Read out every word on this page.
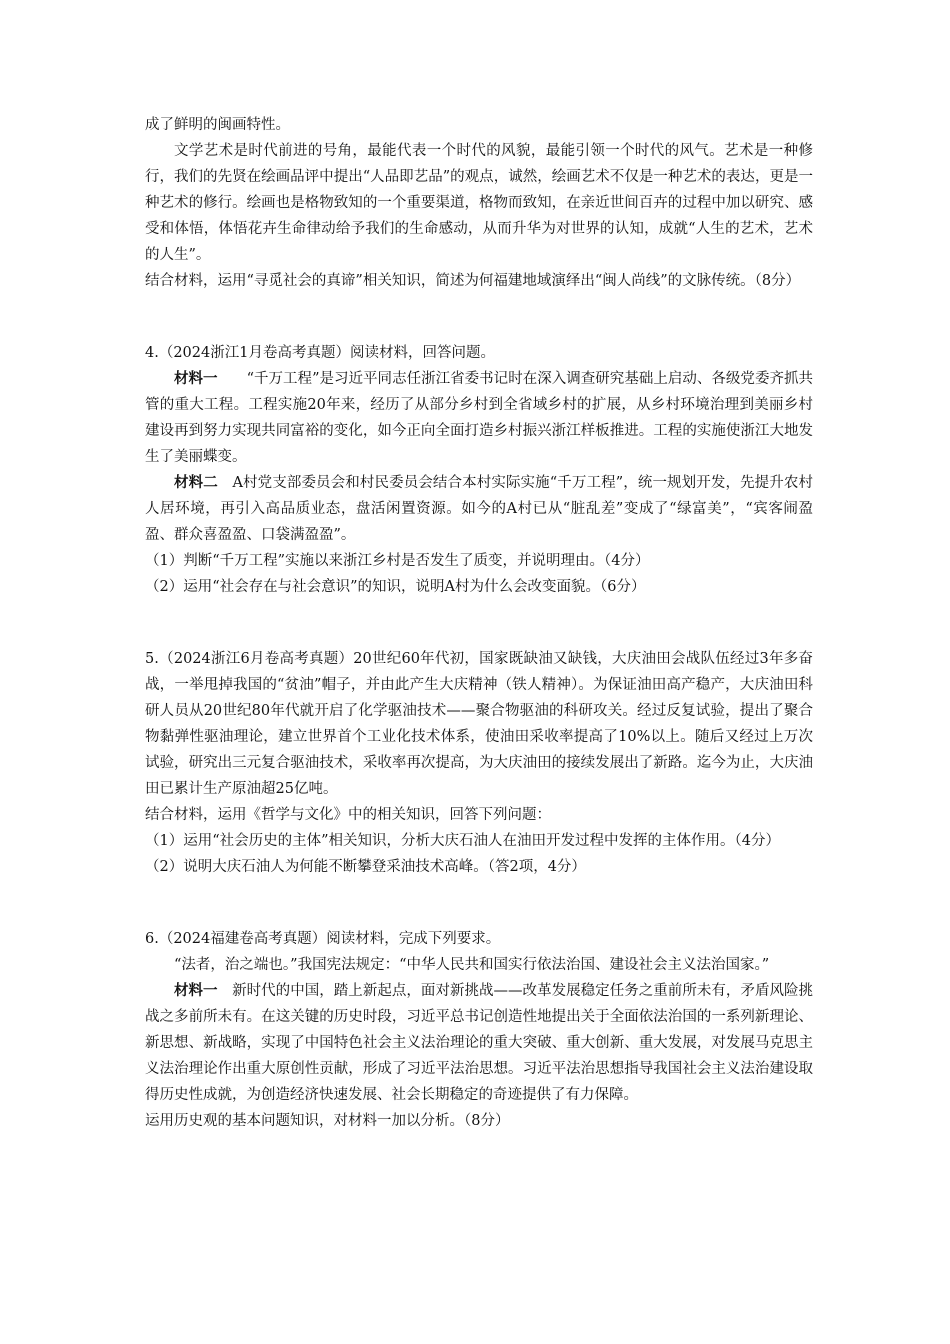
成了鲜明的闽画特性。

文学艺术是时代前进的号角，最能代表一个时代的风貌，最能引领一个时代的风气。艺术是一种修行，我们的先贤在绘画品评中提出“人品即艺品”的观点，诚然，绘画艺术不仅是一种艺术的表达，更是一种艺术的修行。绘画也是格物致知的一个重要渠道，格物而致知，在亲近世间百卉的过程中加以研究、感受和体悟，体悟花卉生命律动给予我们的生命感动，从而升华为对世界的认知，成就“人生的艺术，艺术的人生”。

结合材料，运用“寻觅社会的真谛”相关知识，简述为何福建地域演绎出“闽人尚线”的文脉传统。（8分）

4.（2024浙江1月卷高考真题）阅读材料，回答问题。

材料一　　 “千万工程”是习近平同志任浙江省委书记时在深入调查研究基础上启动、各级党委齐抓共管的重大工程。工程实施20年来，经历了从部分乡村到全省域乡村的扩展，从乡村环境治理到美丽乡村建设再到努力实现共同富裕的变化，如今正向全面打造乡村振兴浙江样板推进。工程的实施使浙江大地发生了美丽蝶变。

材料二　 A村党支部委员会和村民委员会结合本村实际实施“千万工程”，统一规划开发，先提升农村人居环境，再引入高品质业态，盘活闲置资源。如今的A村已从“脏乱差”变成了“绿富美”，“宾客闹盈盈、群众喜盈盈、口袋满盈盈”。

（1）判断“千万工程”实施以来浙江乡村是否发生了质变，并说明理由。（4分）

（2）运用“社会存在与社会意识”的知识，说明A村为什么会改变面貌。（6分）

5.（2024浙江6月卷高考真题）20世纪60年代初，国家既缺油又缺钱，大庆油田会战队伍经过3年多奋战，一举甩掉我国的“贫油”帽子，并由此产生大庆精神（铁人精神）。为保证油田高产稳产，大庆油田科研人员从20世纪80年代就开启了化学驱油技术——聚合物驱油的科研攻关。经过反复试验，提出了聚合物黏弹性驱油理论，建立世界首个工业化技术体系，使油田采收率提高了10%以上。随后又经过上万次试验，研究出三元复合驱油技术，采收率再次提高，为大庆油田的接续发展出了新路。迄今为止，大庆油田已累计生产原油超25亿吨。

结合材料，运用《哲学与文化》中的相关知识，回答下列问题：

（1）运用“社会历史的主体”相关知识，分析大庆石油人在油田开发过程中发挥的主体作用。（4分）

（2）说明大庆石油人为何能不断攀登采油技术高峰。（答2项，4分）

6.（2024福建卷高考真题）阅读材料，完成下列要求。

“法者，治之端也。”我国宪法规定：“中华人民共和国实行依法治国、建设社会主义法治国家。”

材料一　 新时代的中国，踏上新起点，面对新挑战——改革发展稳定任务之重前所未有，矛盾风险挑战之多前所未有。在这关键的历史时段，习近平总书记创造性地提出关于全面依法治国的一系列新理论、新思想、新战略，实现了中国特色社会主义法治理论的重大突破、重大创新、重大发展，对发展马克思主义法治理论作出重大原创性贡献，形成了习近平法治思想。习近平法治思想指导我国社会主义法治建设取得历史性成就，为创造经济快速发展、社会长期稳定的奇迹提供了有力保障。

运用历史观的基本问题知识，对材料一加以分析。（8分）
